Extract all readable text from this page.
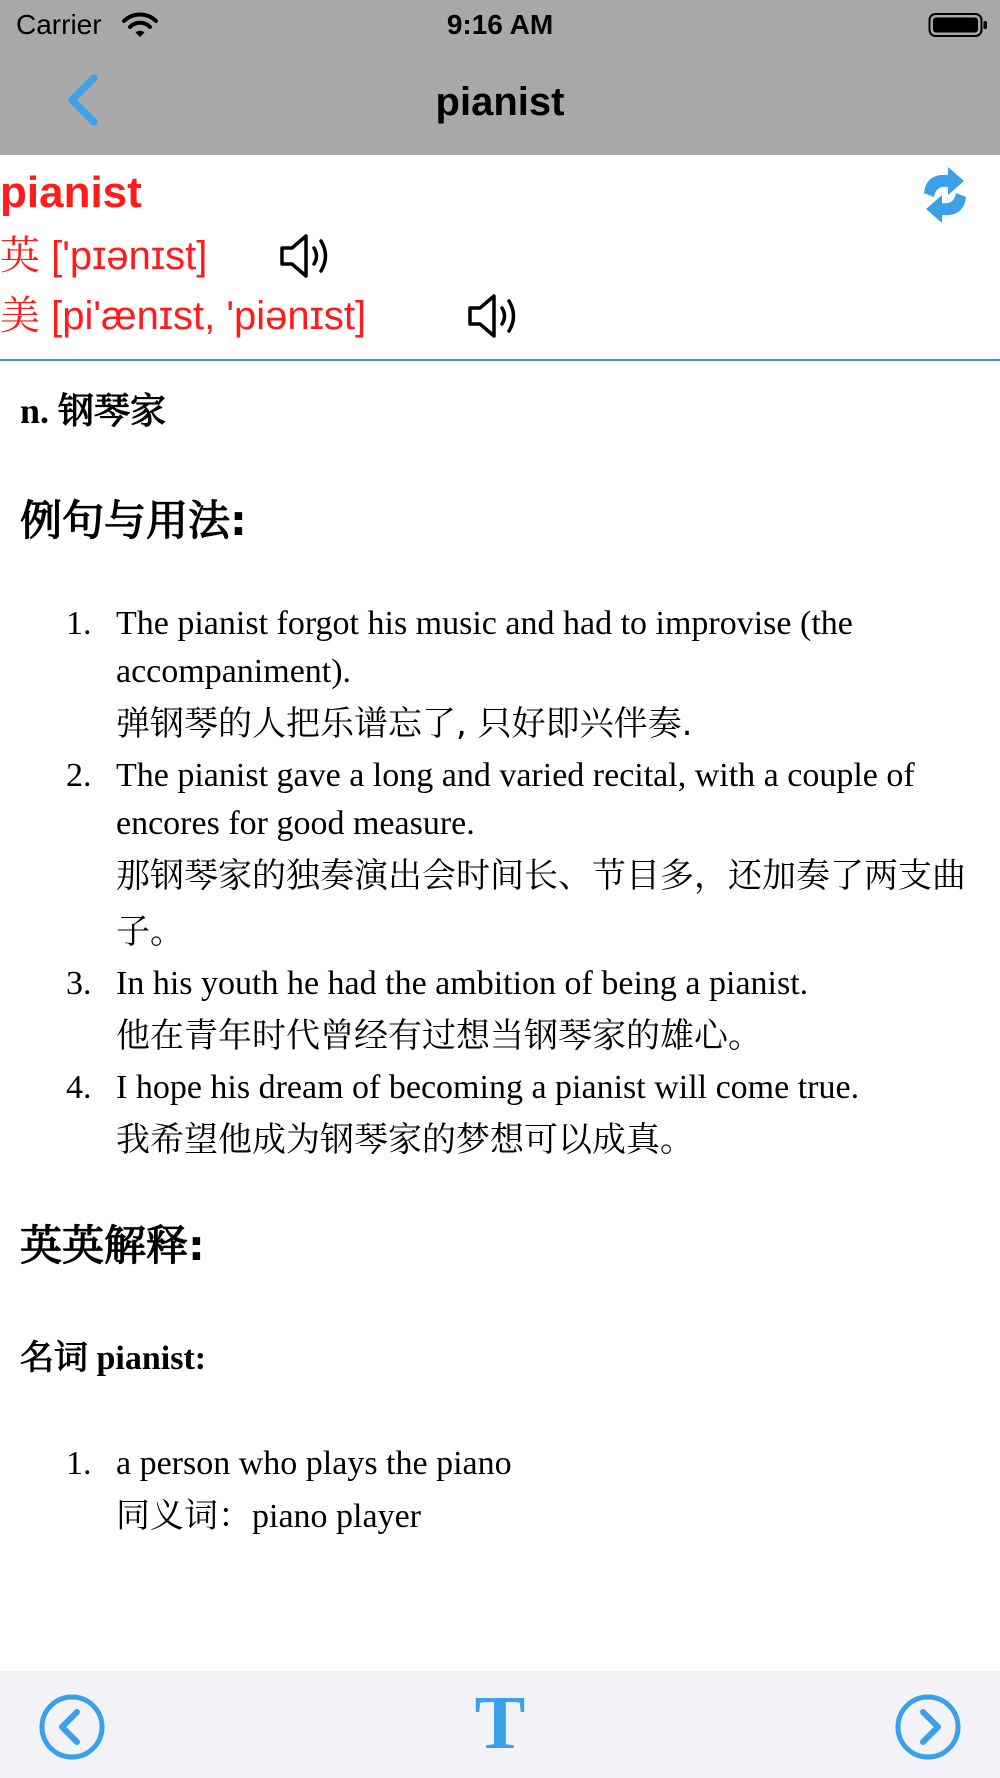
Carrier	9:16 AM
pianist
pianist
英 ['pɪənɪst]
美 [pi'ænɪst, 'piənɪst]
n. 钢琴家
例句与用法:
1. The pianist forgot his music and had to improvise (the accompaniment).
弹钢琴的人把乐谱忘了, 只好即兴伴奏.
2. The pianist gave a long and varied recital, with a couple of encores for good measure.
那钢琴家的独奏演出会时间长、节目多，还加奏了两支曲子。
3. In his youth he had the ambition of being a pianist.
他在青年时代曾经有过想当钢琴家的雄心。
4. I hope his dream of becoming a pianist will come true.
我希望他成为钢琴家的梦想可以成真。
英英解释:
名词 pianist:
1. a person who plays the piano
同义词：piano player
T
